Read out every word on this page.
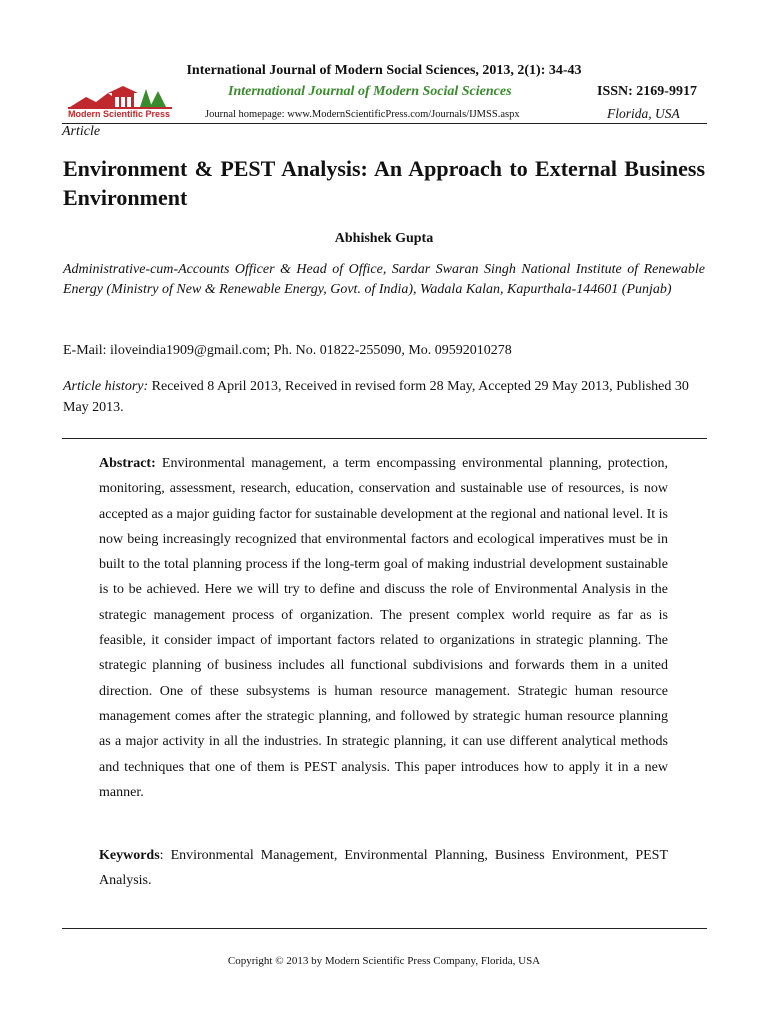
International Journal of Modern Social Sciences, 2013, 2(1): 34-43
Modern Scientific Press
International Journal of Modern Social Sciences	ISSN: 2169-9917
Journal homepage: www.ModernScientificPress.com/Journals/IJMSS.aspx	Florida, USA
Article
Environment & PEST Analysis: An Approach to External Business Environment
Abhishek Gupta
Administrative-cum-Accounts Officer & Head of Office, Sardar Swaran Singh National Institute of Renewable Energy (Ministry of New & Renewable Energy, Govt. of India), Wadala Kalan, Kapurthala-144601 (Punjab)
E-Mail: iloveindia1909@gmail.com; Ph. No. 01822-255090, Mo. 09592010278
Article history: Received 8 April 2013, Received in revised form 28 May, Accepted 29 May 2013, Published 30 May 2013.
Abstract: Environmental management, a term encompassing environmental planning, protection, monitoring, assessment, research, education, conservation and sustainable use of resources, is now accepted as a major guiding factor for sustainable development at the regional and national level. It is now being increasingly recognized that environmental factors and ecological imperatives must be in built to the total planning process if the long-term goal of making industrial development sustainable is to be achieved. Here we will try to define and discuss the role of Environmental Analysis in the strategic management process of organization. The present complex world require as far as is feasible, it consider impact of important factors related to organizations in strategic planning. The strategic planning of business includes all functional subdivisions and forwards them in a united direction. One of these subsystems is human resource management. Strategic human resource management comes after the strategic planning, and followed by strategic human resource planning as a major activity in all the industries. In strategic planning, it can use different analytical methods and techniques that one of them is PEST analysis. This paper introduces how to apply it in a new manner.
Keywords: Environmental Management, Environmental Planning, Business Environment, PEST Analysis.
Copyright © 2013 by Modern Scientific Press Company, Florida, USA
